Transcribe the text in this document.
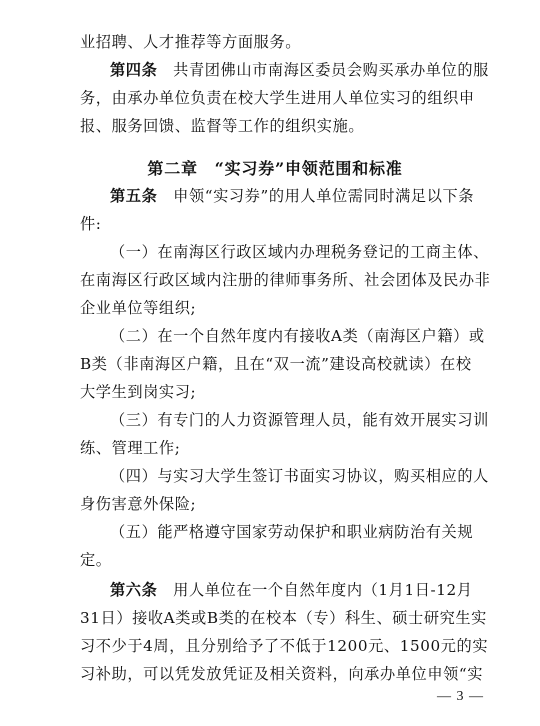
业招聘、人才推荐等方面服务。
第四条  共青团佛山市南海区委员会购买承办单位的服
务，由承办单位负责在校大学生进用人单位实习的组织申
报、服务回馈、监督等工作的组织实施。
第二章　“实习券”申领范围和标准
第五条  申领“实习券”的用人单位需同时满足以下条
件:
（一）在南海区行政区域内办理税务登记的工商主体、
在南海区行政区域内注册的律师事务所、社会团体及民办非
企业单位等组织;
（二）在一个自然年度内有接收A类（南海区户籍）或
B类（非南海区户籍，且在“双一流”建设高校就读）在校
大学生到岗实习;
（三）有专门的人力资源管理人员，能有效开展实习训
练、管理工作;
（四）与实习大学生签订书面实习协议，购买相应的人
身伤害意外保险;
（五）能严格遵守国家劳动保护和职业病防治有关规
定。
第六条  用人单位在一个自然年度内（1月1日-12月
31日）接收A类或B类的在校本（专）科生、硕士研究生实
习不少于4周，且分别给予了不低于1200元、1500元的实
习补助，可以凭发放凭证及相关资料，向承办单位申领“实
— 3 —
